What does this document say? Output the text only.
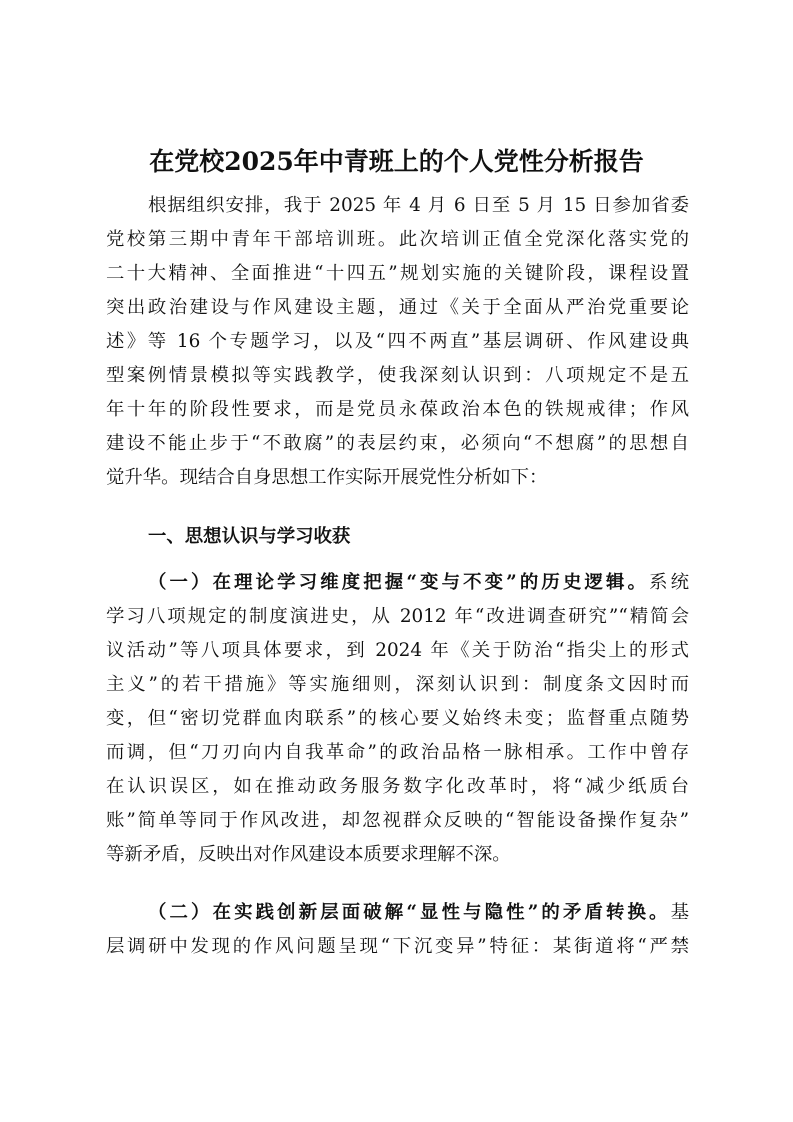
在党校2025年中青班上的个人党性分析报告
根据组织安排，我于 2025 年 4 月 6 日至 5 月 15 日参加省委
党校第三期中青年干部培训班。此次培训正值全党深化落实党的
二十大精神、全面推进“十四五”规划实施的关键阶段，课程设置
突出政治建设与作风建设主题，通过《关于全面从严治党重要论
述》等 16 个专题学习，以及“四不两直”基层调研、作风建设典
型案例情景模拟等实践教学，使我深刻认识到：八项规定不是五
年十年的阶段性要求，而是党员永葆政治本色的铁规戒律；作风
建设不能止步于“不敢腐”的表层约束，必须向“不想腐”的思想自
觉升华。现结合自身思想工作实际开展党性分析如下：
一、思想认识与学习收获
（一）在理论学习维度把握“变与不变”的历史逻辑。系统
学习八项规定的制度演进史，从 2012 年“改进调查研究”“精简会
议活动”等八项具体要求，到 2024 年《关于防治“指尖上的形式
主义”的若干措施》等实施细则，深刻认识到：制度条文因时而
变，但“密切党群血肉联系”的核心要义始终未变；监督重点随势
而调，但“刀刃向内自我革命”的政治品格一脉相承。工作中曾存
在认识误区，如在推动政务服务数字化改革时，将“减少纸质台
账”简单等同于作风改进，却忽视群众反映的“智能设备操作复杂”
等新矛盾，反映出对作风建设本质要求理解不深。
（二）在实践创新层面破解“显性与隐性”的矛盾转换。基
层调研中发现的作风问题呈现“下沉变异”特征：某街道将“严禁
